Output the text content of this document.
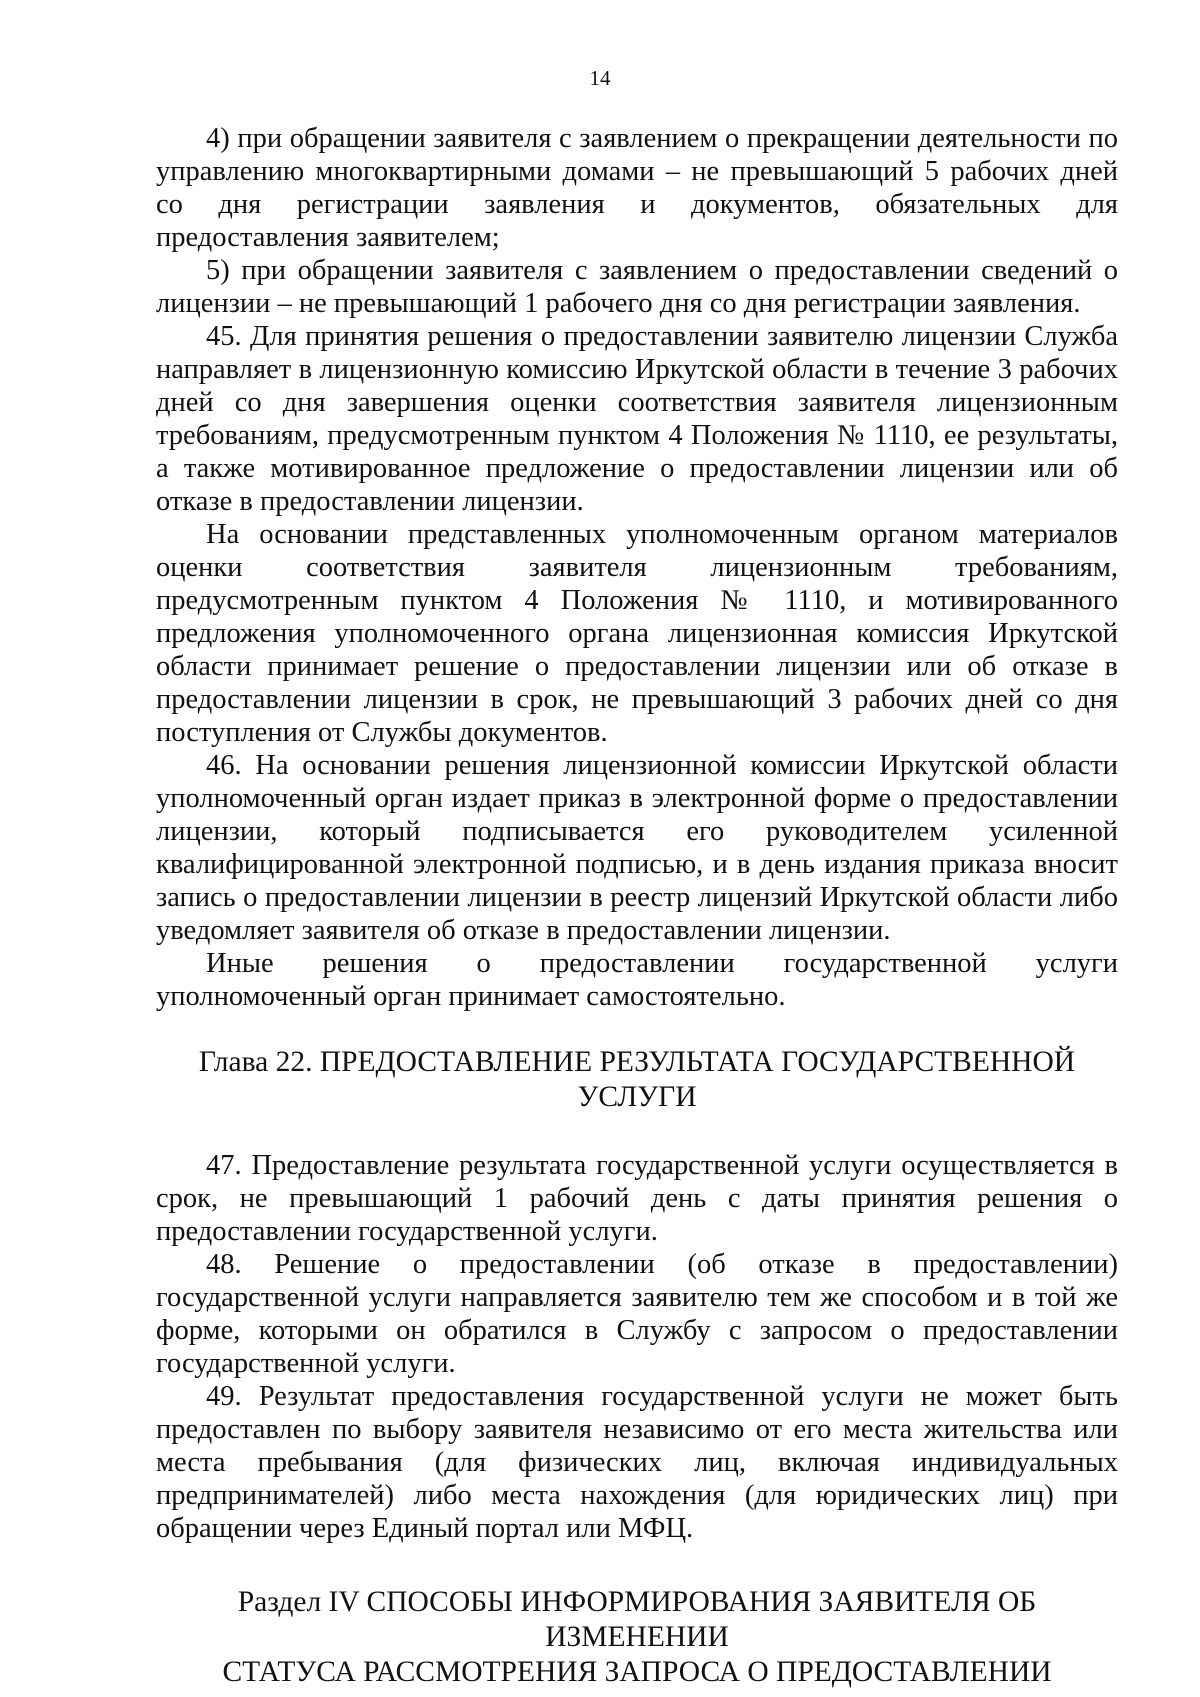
14

4) при обращении заявителя с заявлением о прекращении деятельности по управлению многоквартирными домами – не превышающий 5 рабочих дней со дня регистрации заявления и документов, обязательных для предоставления заявителем;

5) при обращении заявителя с заявлением о предоставлении сведений о лицензии – не превышающий 1 рабочего дня со дня регистрации заявления.

45. Для принятия решения о предоставлении заявителю лицензии Служба направляет в лицензионную комиссию Иркутской области в течение 3 рабочих дней со дня завершения оценки соответствия заявителя лицензионным требованиям, предусмотренным пунктом 4 Положения № 1110, ее результаты, а также мотивированное предложение о предоставлении лицензии или об отказе в предоставлении лицензии.

На основании представленных уполномоченным органом материалов оценки соответствия заявителя лицензионным требованиям, предусмотренным пунктом 4 Положения № 1110, и мотивированного предложения уполномоченного органа лицензионная комиссия Иркутской области принимает решение о предоставлении лицензии или об отказе в предоставлении лицензии в срок, не превышающий 3 рабочих дней со дня поступления от Службы документов.

46. На основании решения лицензионной комиссии Иркутской области уполномоченный орган издает приказ в электронной форме о предоставлении лицензии, который подписывается его руководителем усиленной квалифицированной электронной подписью, и в день издания приказа вносит запись о предоставлении лицензии в реестр лицензий Иркутской области либо уведомляет заявителя об отказе в предоставлении лицензии.

Иные решения о предоставлении государственной услуги уполномоченный орган принимает самостоятельно.

Глава 22. ПРЕДОСТАВЛЕНИЕ РЕЗУЛЬТАТА ГОСУДАРСТВЕННОЙ
УСЛУГИ

47. Предоставление результата государственной услуги осуществляется в срок, не превышающий 1 рабочий день с даты принятия решения о предоставлении государственной услуги.

48. Решение о предоставлении (об отказе в предоставлении) государственной услуги направляется заявителю тем же способом и в той же форме, которыми он обратился в Службу с запросом о предоставлении государственной услуги.

49. Результат предоставления государственной услуги не может быть предоставлен по выбору заявителя независимо от его места жительства или места пребывания (для физических лиц, включая индивидуальных предпринимателей) либо места нахождения (для юридических лиц) при обращении через Единый портал или МФЦ.

Раздел IV СПОСОБЫ ИНФОРМИРОВАНИЯ ЗАЯВИТЕЛЯ ОБ ИЗМЕНЕНИИ
СТАТУСА РАССМОТРЕНИЯ ЗАПРОСА О ПРЕДОСТАВЛЕНИИ
